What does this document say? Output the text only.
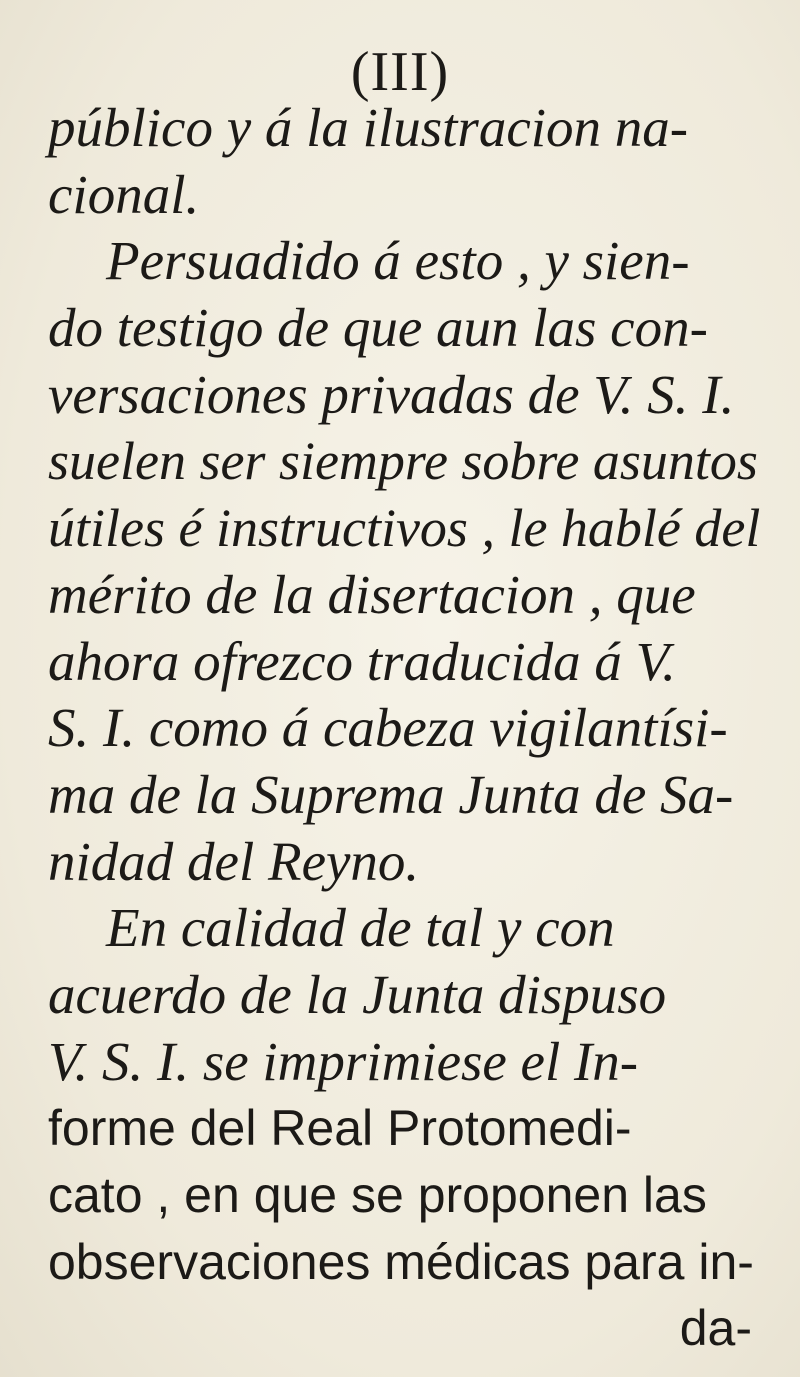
(III)
público y á la ilustracion na-
cional.
Persuadido á esto , y sien-
do testigo de que aun las con-
versaciones privadas de V. S. I.
suelen ser siempre sobre asuntos
útiles é instructivos , le hablé del
mérito de la disertacion , que
ahora ofrezco traducida á V.
S. I. como á cabeza vigilantísi-
ma de la Suprema Junta de Sa-
nidad del Reyno.
En calidad de tal y con
acuerdo de la Junta dispuso
V. S. I. se imprimiese el In-
forme del Real Protomedi-
cato , en que se proponen las
observaciones médicas para in-
da-
